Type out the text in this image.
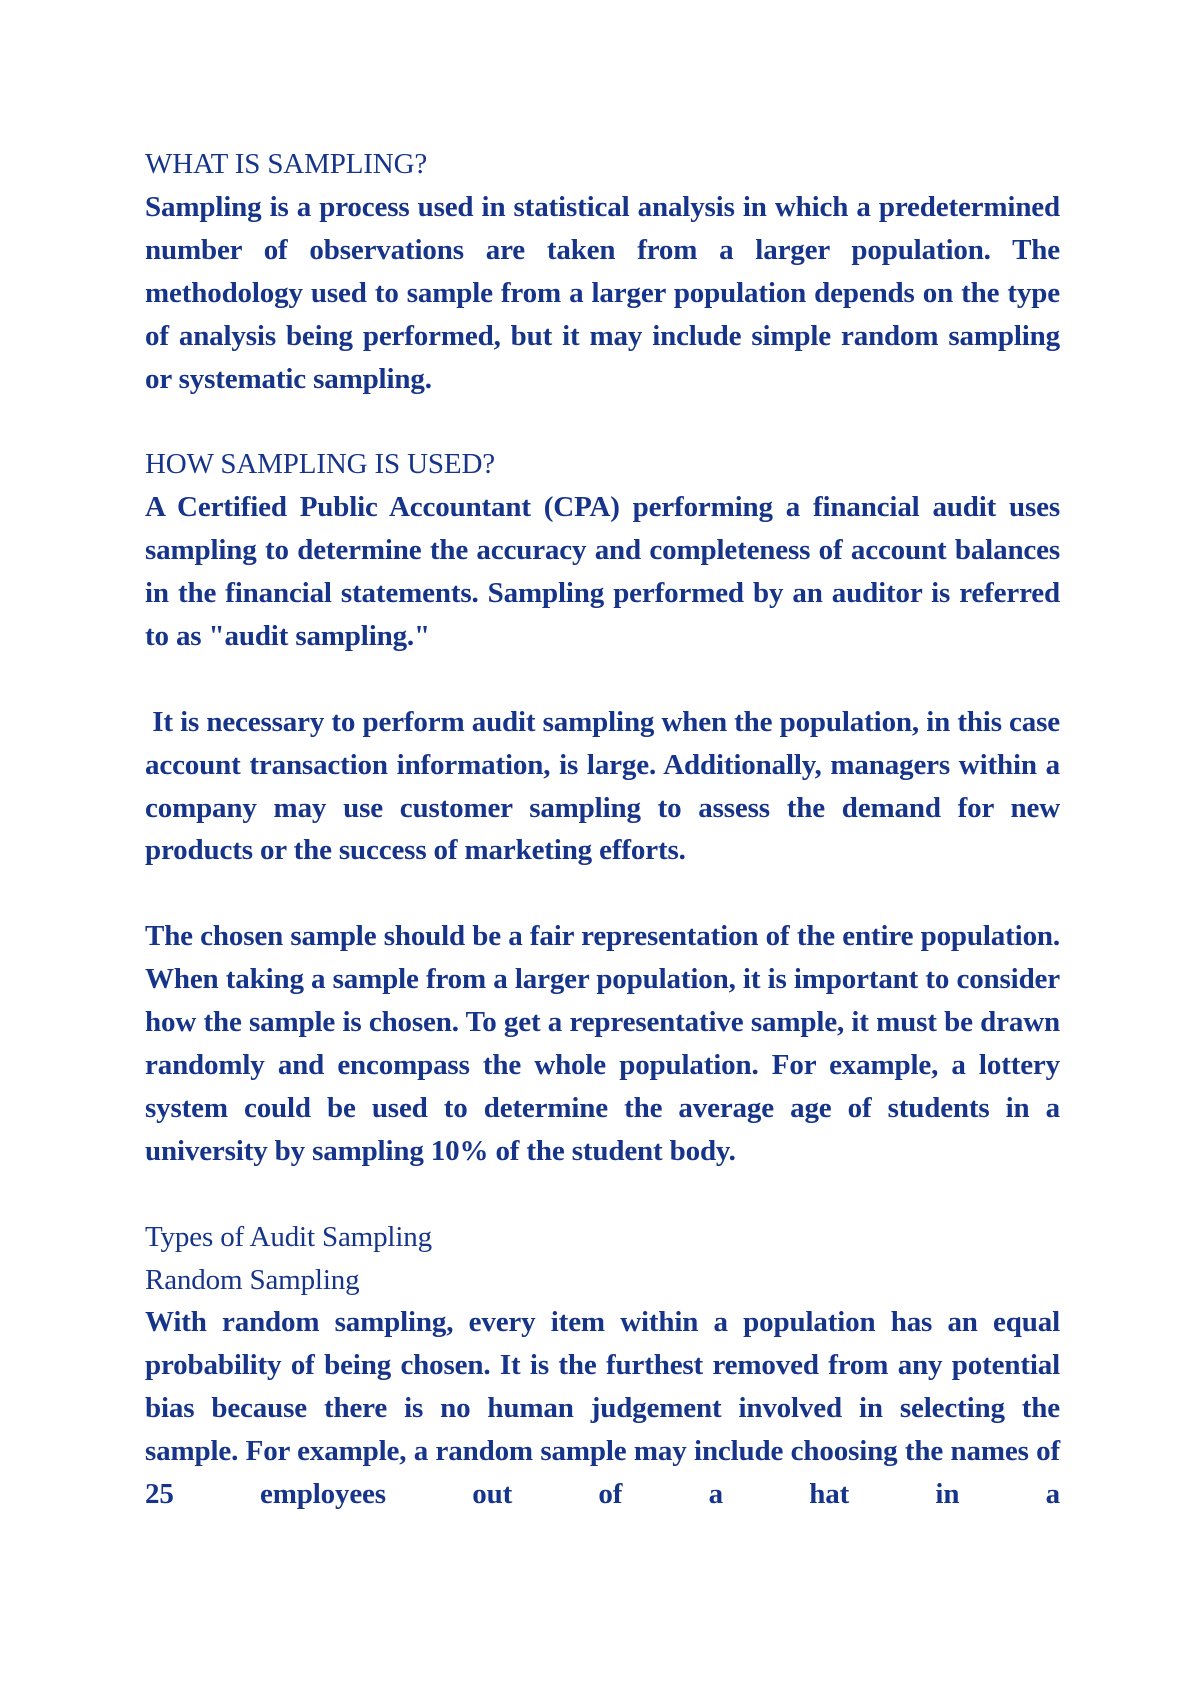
WHAT IS SAMPLING?

Sampling is a process used in statistical analysis in which a predetermined number of observations are taken from a larger population. The methodology used to sample from a larger population depends on the type of analysis being performed, but it may include simple random sampling or systematic sampling.

HOW SAMPLING IS USED?

A Certified Public Accountant (CPA) performing a financial audit uses sampling to determine the accuracy and completeness of account balances in the financial statements. Sampling performed by an auditor is referred to as "audit sampling."

It is necessary to perform audit sampling when the population, in this case account transaction information, is large. Additionally, managers within a company may use customer sampling to assess the demand for new products or the success of marketing efforts.

The chosen sample should be a fair representation of the entire population. When taking a sample from a larger population, it is important to consider how the sample is chosen. To get a representative sample, it must be drawn randomly and encompass the whole population. For example, a lottery system could be used to determine the average age of students in a university by sampling 10% of the student body.

Types of Audit Sampling
Random Sampling

With random sampling, every item within a population has an equal probability of being chosen. It is the furthest removed from any potential bias because there is no human judgement involved in selecting the sample. For example, a random sample may include choosing the names of 25 employees out of a hat in a
